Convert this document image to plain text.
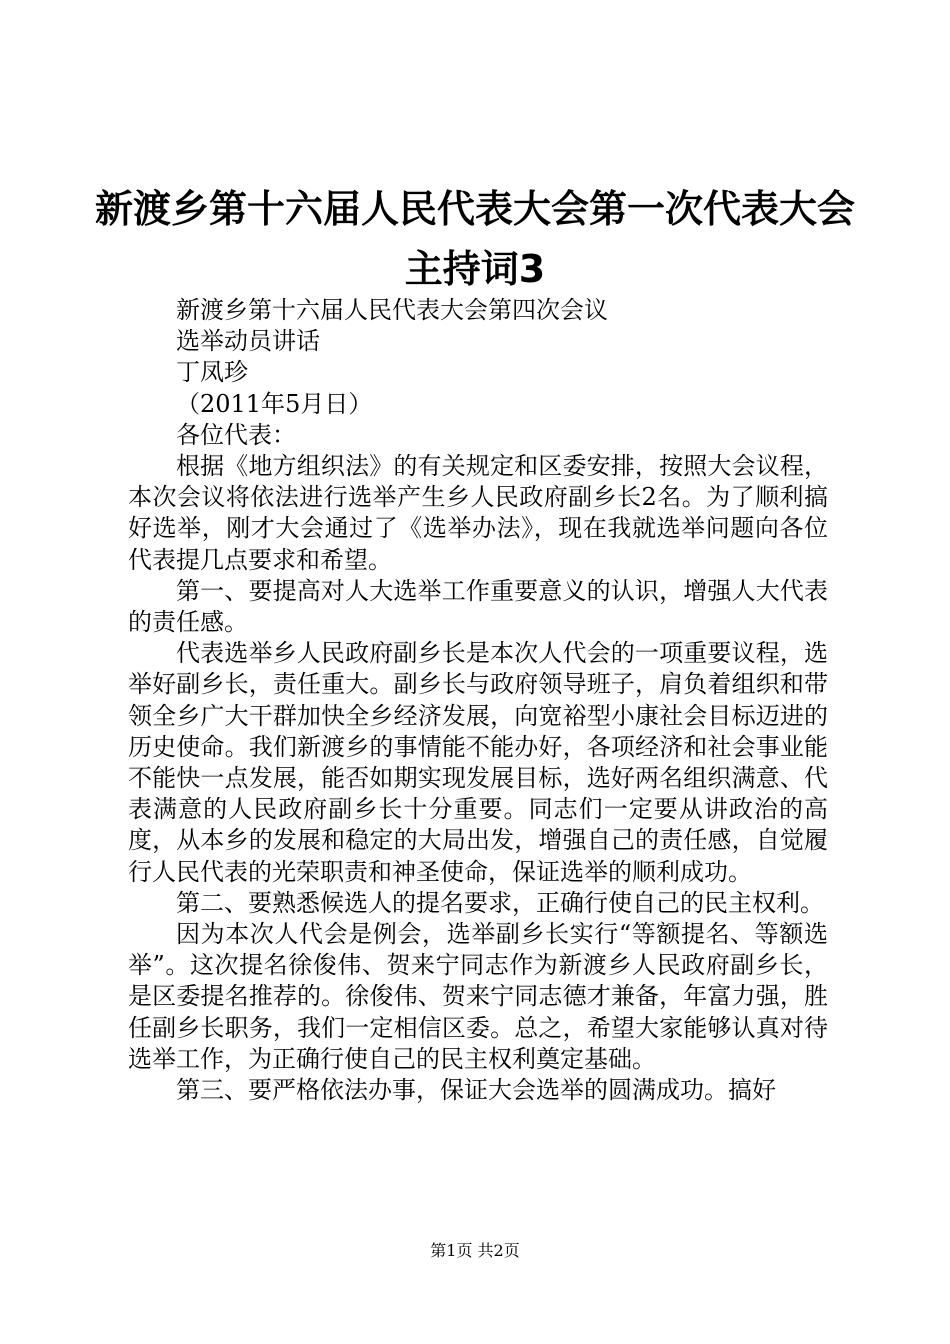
新渡乡第十六届人民代表大会第一次代表大会
主持词3

新渡乡第十六届人民代表大会第四次会议

选举动员讲话

丁凤珍

（2011年5月日）

各位代表：

根据《地方组织法》的有关规定和区委安排，按照大会议程，本次会议将依法进行选举产生乡人民政府副乡长2名。为了顺利搞好选举，刚才大会通过了《选举办法》，现在我就选举问题向各位代表提几点要求和希望。

第一、要提高对人大选举工作重要意义的认识，增强人大代表的责任感。

代表选举乡人民政府副乡长是本次人代会的一项重要议程，选举好副乡长，责任重大。副乡长与政府领导班子，肩负着组织和带领全乡广大干群加快全乡经济发展，向宽裕型小康社会目标迈进的历史使命。我们新渡乡的事情能不能办好，各项经济和社会事业能不能快一点发展，能否如期实现发展目标，选好两名组织满意、代表满意的人民政府副乡长十分重要。同志们一定要从讲政治的高度，从本乡的发展和稳定的大局出发，增强自己的责任感，自觉履行人民代表的光荣职责和神圣使命，保证选举的顺利成功。

第二、要熟悉候选人的提名要求，正确行使自己的民主权利。

因为本次人代会是例会，选举副乡长实行“等额提名、等额选举”。这次提名徐俊伟、贺来宁同志作为新渡乡人民政府副乡长，是区委提名推荐的。徐俊伟、贺来宁同志德才兼备，年富力强，胜任副乡长职务，我们一定相信区委。总之，希望大家能够认真对待选举工作，为正确行使自己的民主权利奠定基础。

第三、要严格依法办事，保证大会选举的圆满成功。搞好

第1页 共2页
